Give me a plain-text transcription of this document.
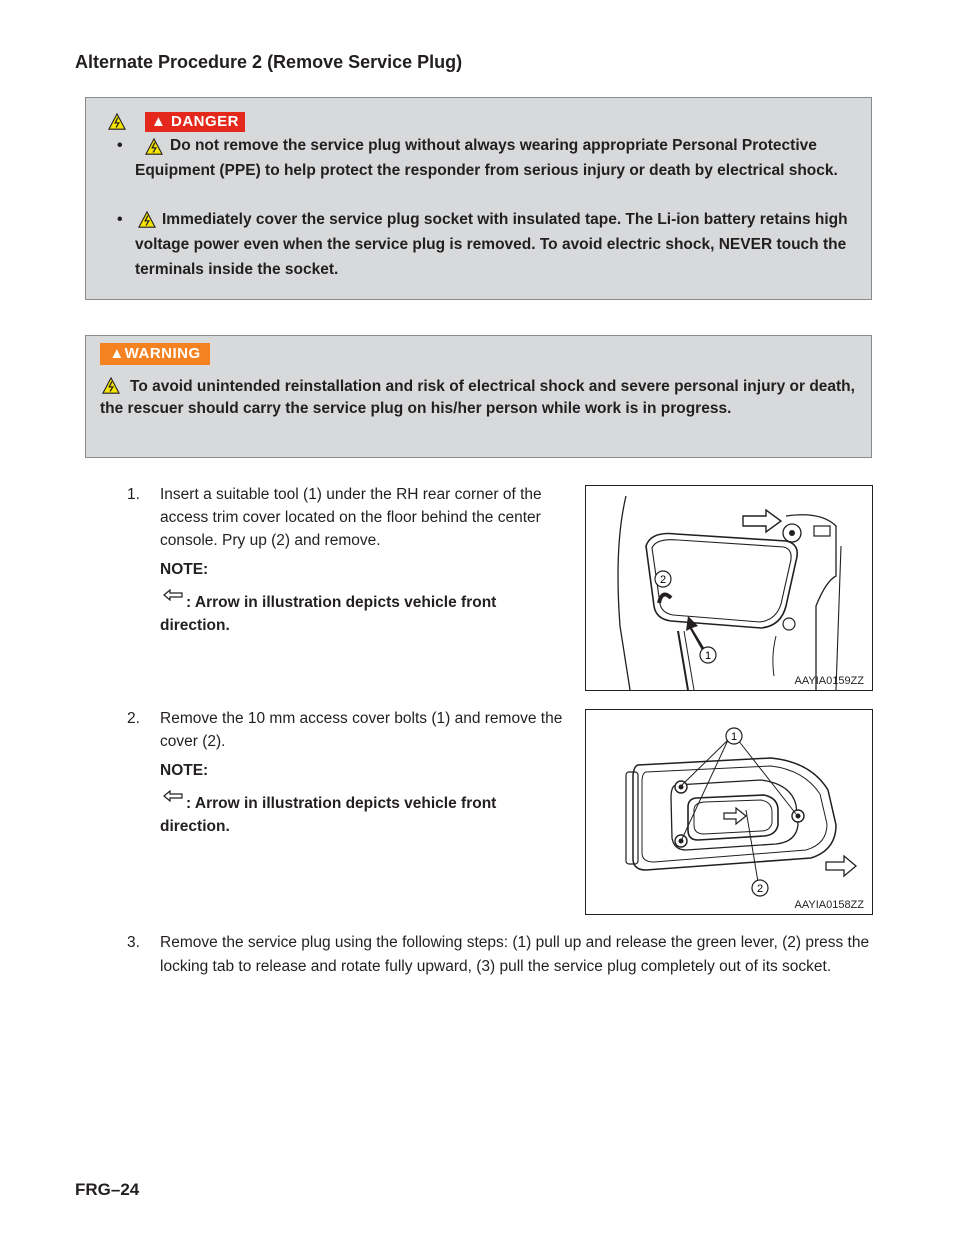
Alternate Procedure 2 (Remove Service Plug)
▲ DANGER
•	Do not remove the service plug without always wearing appropriate Personal Protective Equipment (PPE) to help protect the responder from serious injury or death by electrical shock.
•	Immediately cover the service plug socket with insulated tape. The Li-ion battery retains high voltage power even when the service plug is removed. To avoid electric shock, NEVER touch the terminals inside the socket.
▲WARNING
To avoid unintended reinstallation and risk of electrical shock and severe personal injury or death, the rescuer should carry the service plug on his/her person while work is in progress.
1. Insert a suitable tool (1) under the RH rear corner of the access trim cover located on the floor behind the center console. Pry up (2) and remove.
NOTE:
: Arrow in illustration depicts vehicle front direction.
2
1
AAYIA0159ZZ
2. Remove the 10 mm access cover bolts (1) and remove the cover (2).
NOTE:
: Arrow in illustration depicts vehicle front direction.
1
2
AAYIA0158ZZ
3. Remove the service plug using the following steps: (1) pull up and release the green lever, (2) press the locking tab to release and rotate fully upward, (3) pull the service plug completely out of its socket.
FRG–24
